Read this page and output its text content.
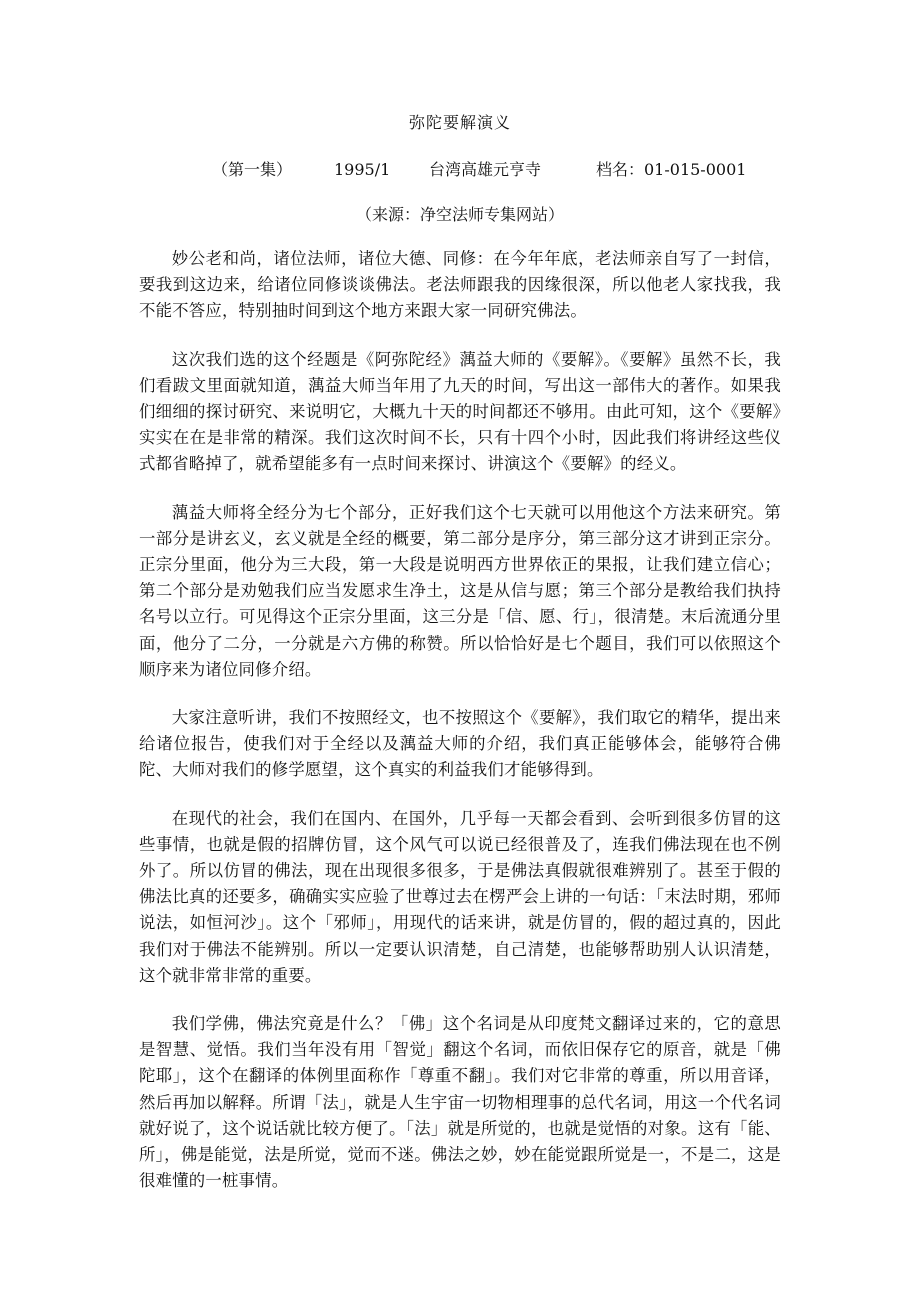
弥陀要解演义
（第一集）	1995/1 台湾高雄元亨寺	档名：01-015-0001
（来源：净空法师专集网站）

妙公老和尚，诸位法师，诸位大德、同修：在今年年底，老法师亲自写了一封信，要我到这边来，给诸位同修谈谈佛法。老法师跟我的因缘很深，所以他老人家找我，我不能不答应，特别抽时间到这个地方来跟大家一同研究佛法。

这次我们选的这个经题是《阿弥陀经》蕅益大师的《要解》。《要解》虽然不长，我们看跋文里面就知道，蕅益大师当年用了九天的时间，写出这一部伟大的著作。如果我们细细的探讨研究、来说明它，大概九十天的时间都还不够用。由此可知，这个《要解》实实在在是非常的精深。我们这次时间不长，只有十四个小时，因此我们将讲经这些仪式都省略掉了，就希望能多有一点时间来探讨、讲演这个《要解》的经义。

蕅益大师将全经分为七个部分，正好我们这个七天就可以用他这个方法来研究。第一部分是讲玄义，玄义就是全经的概要，第二部分是序分，第三部分这才讲到正宗分。正宗分里面，他分为三大段，第一大段是说明西方世界依正的果报，让我们建立信心；第二个部分是劝勉我们应当发愿求生净土，这是从信与愿；第三个部分是教给我们执持名号以立行。可见得这个正宗分里面，这三分是「信、愿、行」，很清楚。末后流通分里面，他分了二分，一分就是六方佛的称赞。所以恰恰好是七个题目，我们可以依照这个顺序来为诸位同修介绍。

大家注意听讲，我们不按照经文，也不按照这个《要解》，我们取它的精华，提出来给诸位报告，使我们对于全经以及蕅益大师的介绍，我们真正能够体会，能够符合佛陀、大师对我们的修学愿望，这个真实的利益我们才能够得到。

在现代的社会，我们在国内、在国外，几乎每一天都会看到、会听到很多仿冒的这些事情，也就是假的招牌仿冒，这个风气可以说已经很普及了，连我们佛法现在也不例外了。所以仿冒的佛法，现在出现很多很多，于是佛法真假就很难辨别了。甚至于假的佛法比真的还要多，确确实实应验了世尊过去在楞严会上讲的一句话：「末法时期，邪师说法，如恒河沙」。这个「邪师」，用现代的话来讲，就是仿冒的，假的超过真的，因此我们对于佛法不能辨别。所以一定要认识清楚，自己清楚，也能够帮助别人认识清楚，这个就非常非常的重要。

我们学佛，佛法究竟是什么？「佛」这个名词是从印度梵文翻译过来的，它的意思是智慧、觉悟。我们当年没有用「智觉」翻这个名词，而依旧保存它的原音，就是「佛陀耶」，这个在翻译的体例里面称作「尊重不翻」。我们对它非常的尊重，所以用音译，然后再加以解释。所谓「法」，就是人生宇宙一切物相理事的总代名词，用这一个代名词就好说了，这个说话就比较方便了。「法」就是所觉的，也就是觉悟的对象。这有「能、所」，佛是能觉，法是所觉，觉而不迷。佛法之妙，妙在能觉跟所觉是一，不是二，这是很难懂的一桩事情。
